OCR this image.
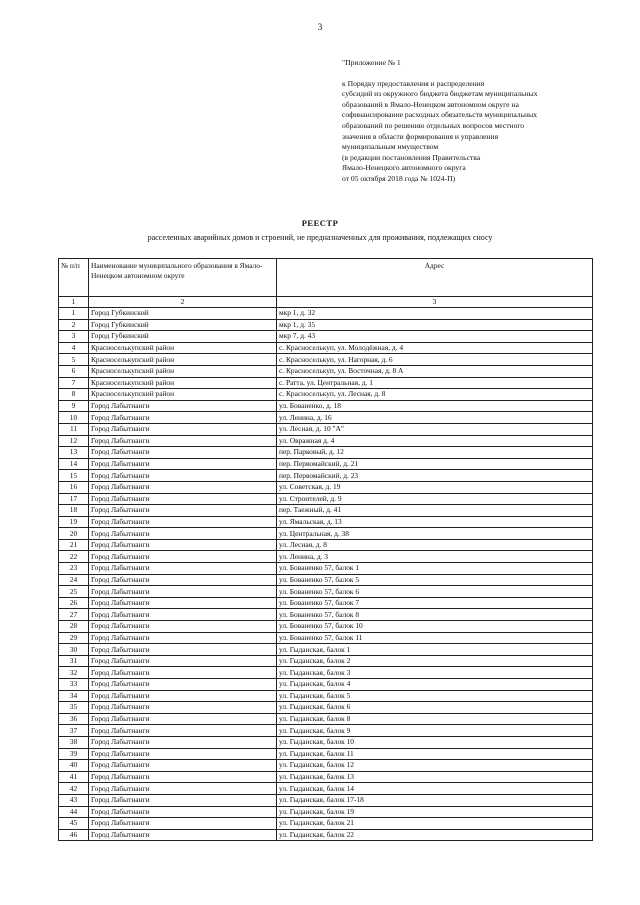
3
"Приложение № 1
к Порядку предоставления и распределения
субсидий из окружного бюджета бюджетам муниципальных
образований в Ямало-Ненецком автономном округе на
софинансирование расходных обязательств муниципальных
образований по решению отдельных вопросов местного
значения в области формирования и управления
муниципальным имуществом
(в редакции постановления Правительства
Ямало-Ненецкого автономного округа
от 05 октября 2018 года № 1024-П)
РЕЕСТР
расселенных аварийных домов и строений, не предназначенных для проживания, подлежащих сносу
№ п/п	Наименование муниципального образования в Ямало-Ненецком автономном округе	Адрес
1	2	3
1	Город Губкинский	мкр 1, д. 32
2	Город Губкинский	мкр 1, д. 35
3	Город Губкинский	мкр 7, д. 43
4	Красноселькупский район	с. Красноселькуп, ул. Молодёжная, д. 4
5	Красноселькупский район	с. Красноселькуп, ул. Нагорная, д. 6
6	Красноселькупский район	с. Красноселькуп, ул. Восточная, д. 8 А
7	Красноселькупский район	с. Ратта, ул. Центральная, д. 1
8	Красноселькупский район	с. Красноселькуп, ул. Лесная, д. 8
9	Город Лабытнанги	ул. Бованенко, д. 18
10	Город Лабытнанги	ул. Ленина, д. 16
11	Город Лабытнанги	ул. Лесная, д. 10 "А"
12	Город Лабытнанги	ул. Овражная д. 4
13	Город Лабытнанги	пер. Парковый, д. 12
14	Город Лабытнанги	пер. Первомайский, д. 21
15	Город Лабытнанги	пер. Первомайский, д. 23
16	Город Лабытнанги	ул. Советская, д. 19
17	Город Лабытнанги	ул. Строителей, д. 9
18	Город Лабытнанги	пер. Таежный, д. 41
19	Город Лабытнанги	ул. Ямальская, д. 13
20	Город Лабытнанги	ул. Центральная, д. 38
21	Город Лабытнанги	ул. Лесная, д. 8
22	Город Лабытнанги	ул. Ленина, д. 3
23	Город Лабытнанги	ул. Бованенко 57, балок 1
24	Город Лабытнанги	ул. Бованенко 57, балок 5
25	Город Лабытнанги	ул. Бованенко 57, балок 6
26	Город Лабытнанги	ул. Бованенко 57, балок 7
27	Город Лабытнанги	ул. Бованенко 57, балок 8
28	Город Лабытнанги	ул. Бованенко 57, балок 10
29	Город Лабытнанги	ул. Бованенко 57, балок 11
30	Город Лабытнанги	ул. Гыданская, балок 1
31	Город Лабытнанги	ул. Гыданская, балок 2
32	Город Лабытнанги	ул. Гыданская, балок 3
33	Город Лабытнанги	ул. Гыданская, балок 4
34	Город Лабытнанги	ул. Гыданская, балок 5
35	Город Лабытнанги	ул. Гыданская, балок 6
36	Город Лабытнанги	ул. Гыданская, балок 8
37	Город Лабытнанги	ул. Гыданская, балок 9
38	Город Лабытнанги	ул. Гыданская, балок 10
39	Город Лабытнанги	ул. Гыданская, балок 11
40	Город Лабытнанги	ул. Гыданская, балок 12
41	Город Лабытнанги	ул. Гыданская, балок 13
42	Город Лабытнанги	ул. Гыданская, балок 14
43	Город Лабытнанги	ул. Гыданская, балок 17-18
44	Город Лабытнанги	ул. Гыданская, балок 19
45	Город Лабытнанги	ул. Гыданская, балок 21
46	Город Лабытнанги	ул. Гыданская, балок 22
